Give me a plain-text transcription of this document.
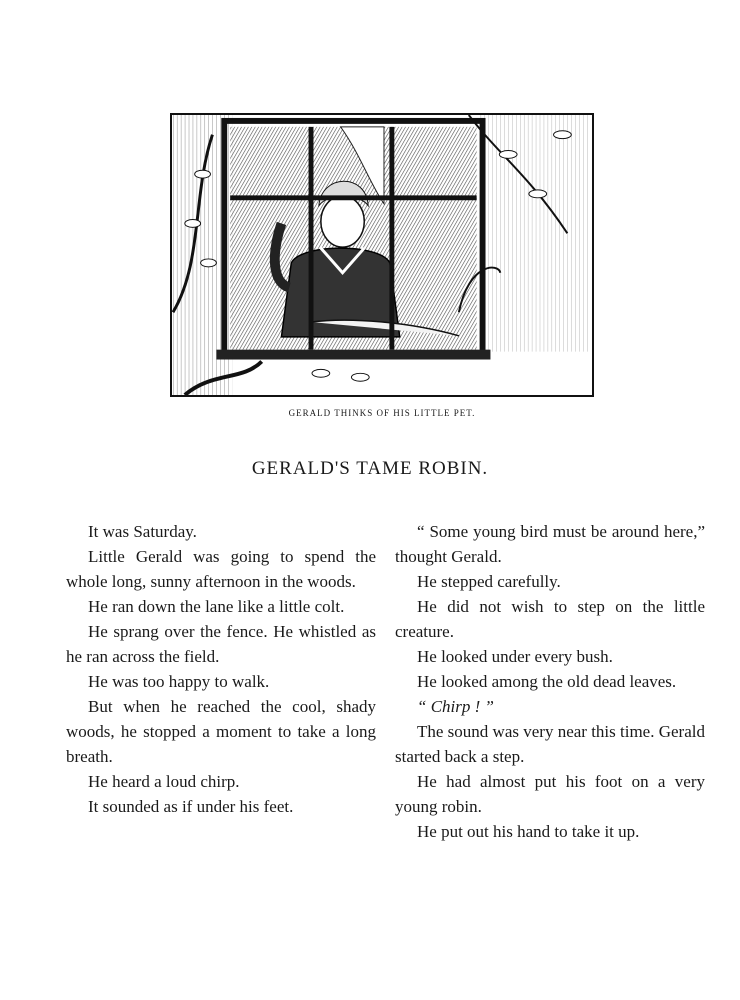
GERALD THINKS OF HIS LITTLE PET.
GERALD'S TAME ROBIN.

It was Saturday.

Little Gerald was going to spend the whole long, sunny afternoon in the woods.

He ran down the lane like a little colt.

He sprang over the fence. He whistled as he ran across the field.

He was too happy to walk.

But when he reached the cool, shady woods, he stopped a moment to take a long breath.

He heard a loud chirp.

It sounded as if under his feet.

“ Some young bird must be around here,” thought Gerald.

He stepped carefully.

He did not wish to step on the little creature.

He looked under every bush.

He looked among the old dead leaves.

“ Chirp ! ”

The sound was very near this time. Gerald started back a step.

He had almost put his foot on a very young robin.

He put out his hand to take it up.
